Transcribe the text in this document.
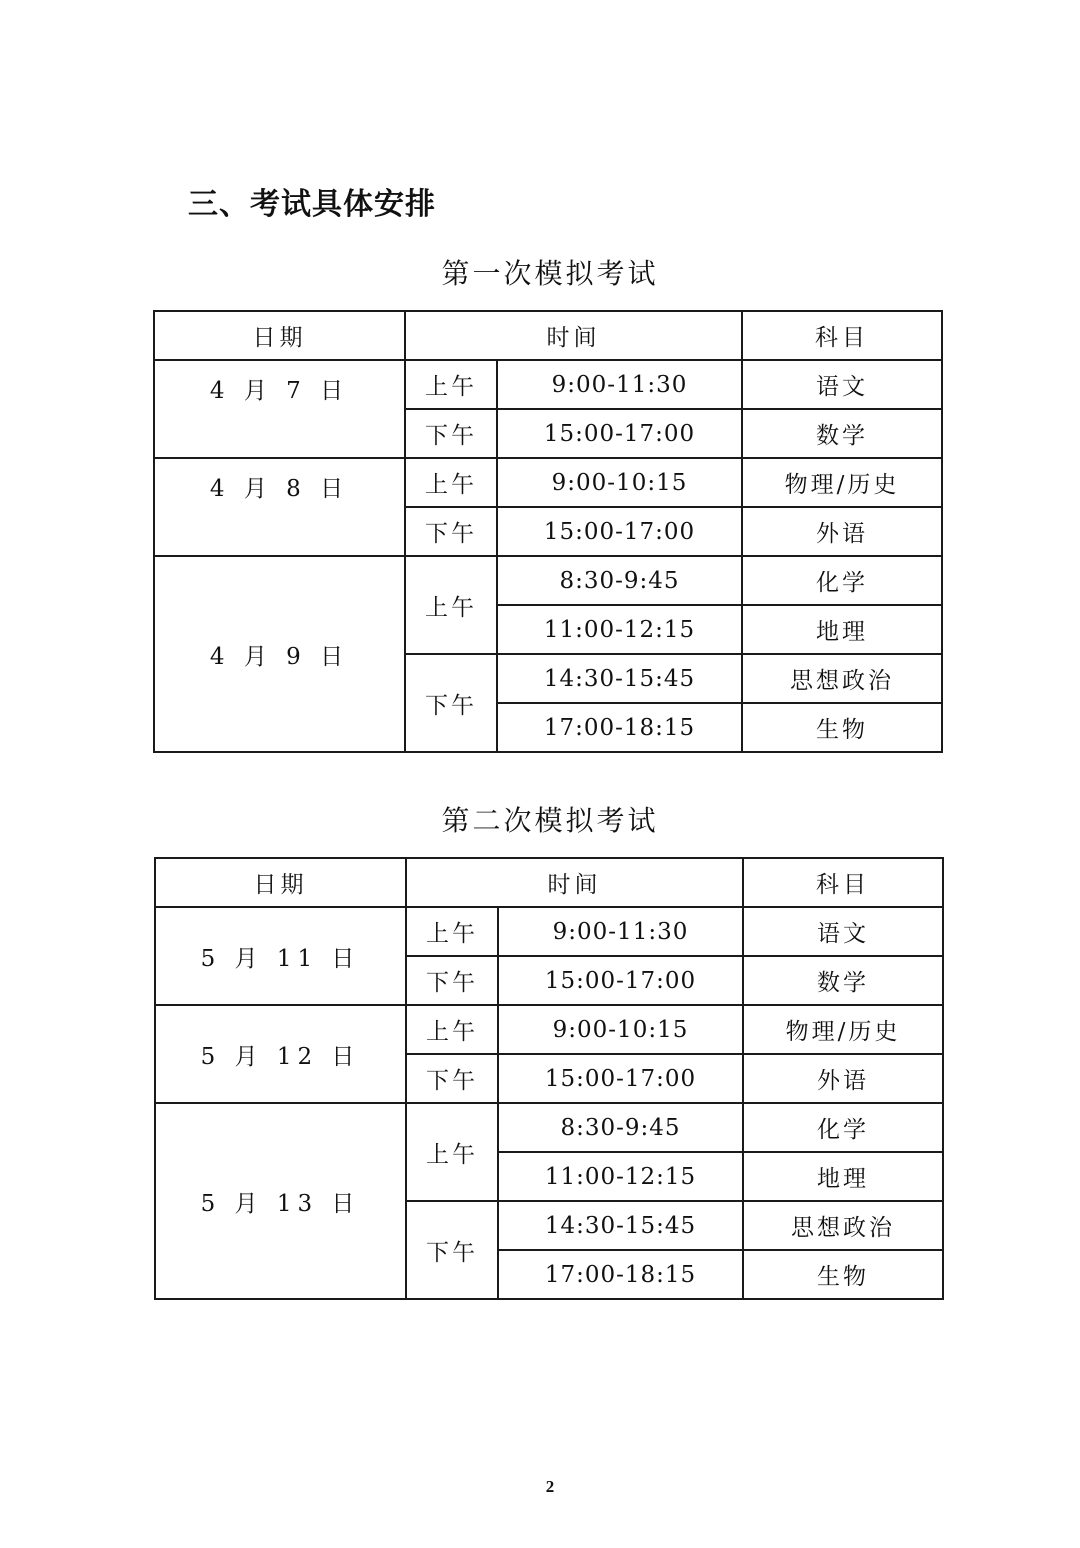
三、考试具体安排
第一次模拟考试
日期	时间		科目
4 月 7 日	上午	9:00-11:30	语文
	下午	15:00-17:00	数学
4 月 8 日	上午	9:00-10:15	物理/历史
	下午	15:00-17:00	外语
4 月 9 日	上午	8:30-9:45	化学
		11:00-12:15	地理
	下午	14:30-15:45	思想政治
		17:00-18:15	生物
第二次模拟考试
日期	时间		科目
5 月 11 日	上午	9:00-11:30	语文
	下午	15:00-17:00	数学
5 月 12 日	上午	9:00-10:15	物理/历史
	下午	15:00-17:00	外语
5 月 13 日	上午	8:30-9:45	化学
		11:00-12:15	地理
	下午	14:30-15:45	思想政治
		17:00-18:15	生物
2
